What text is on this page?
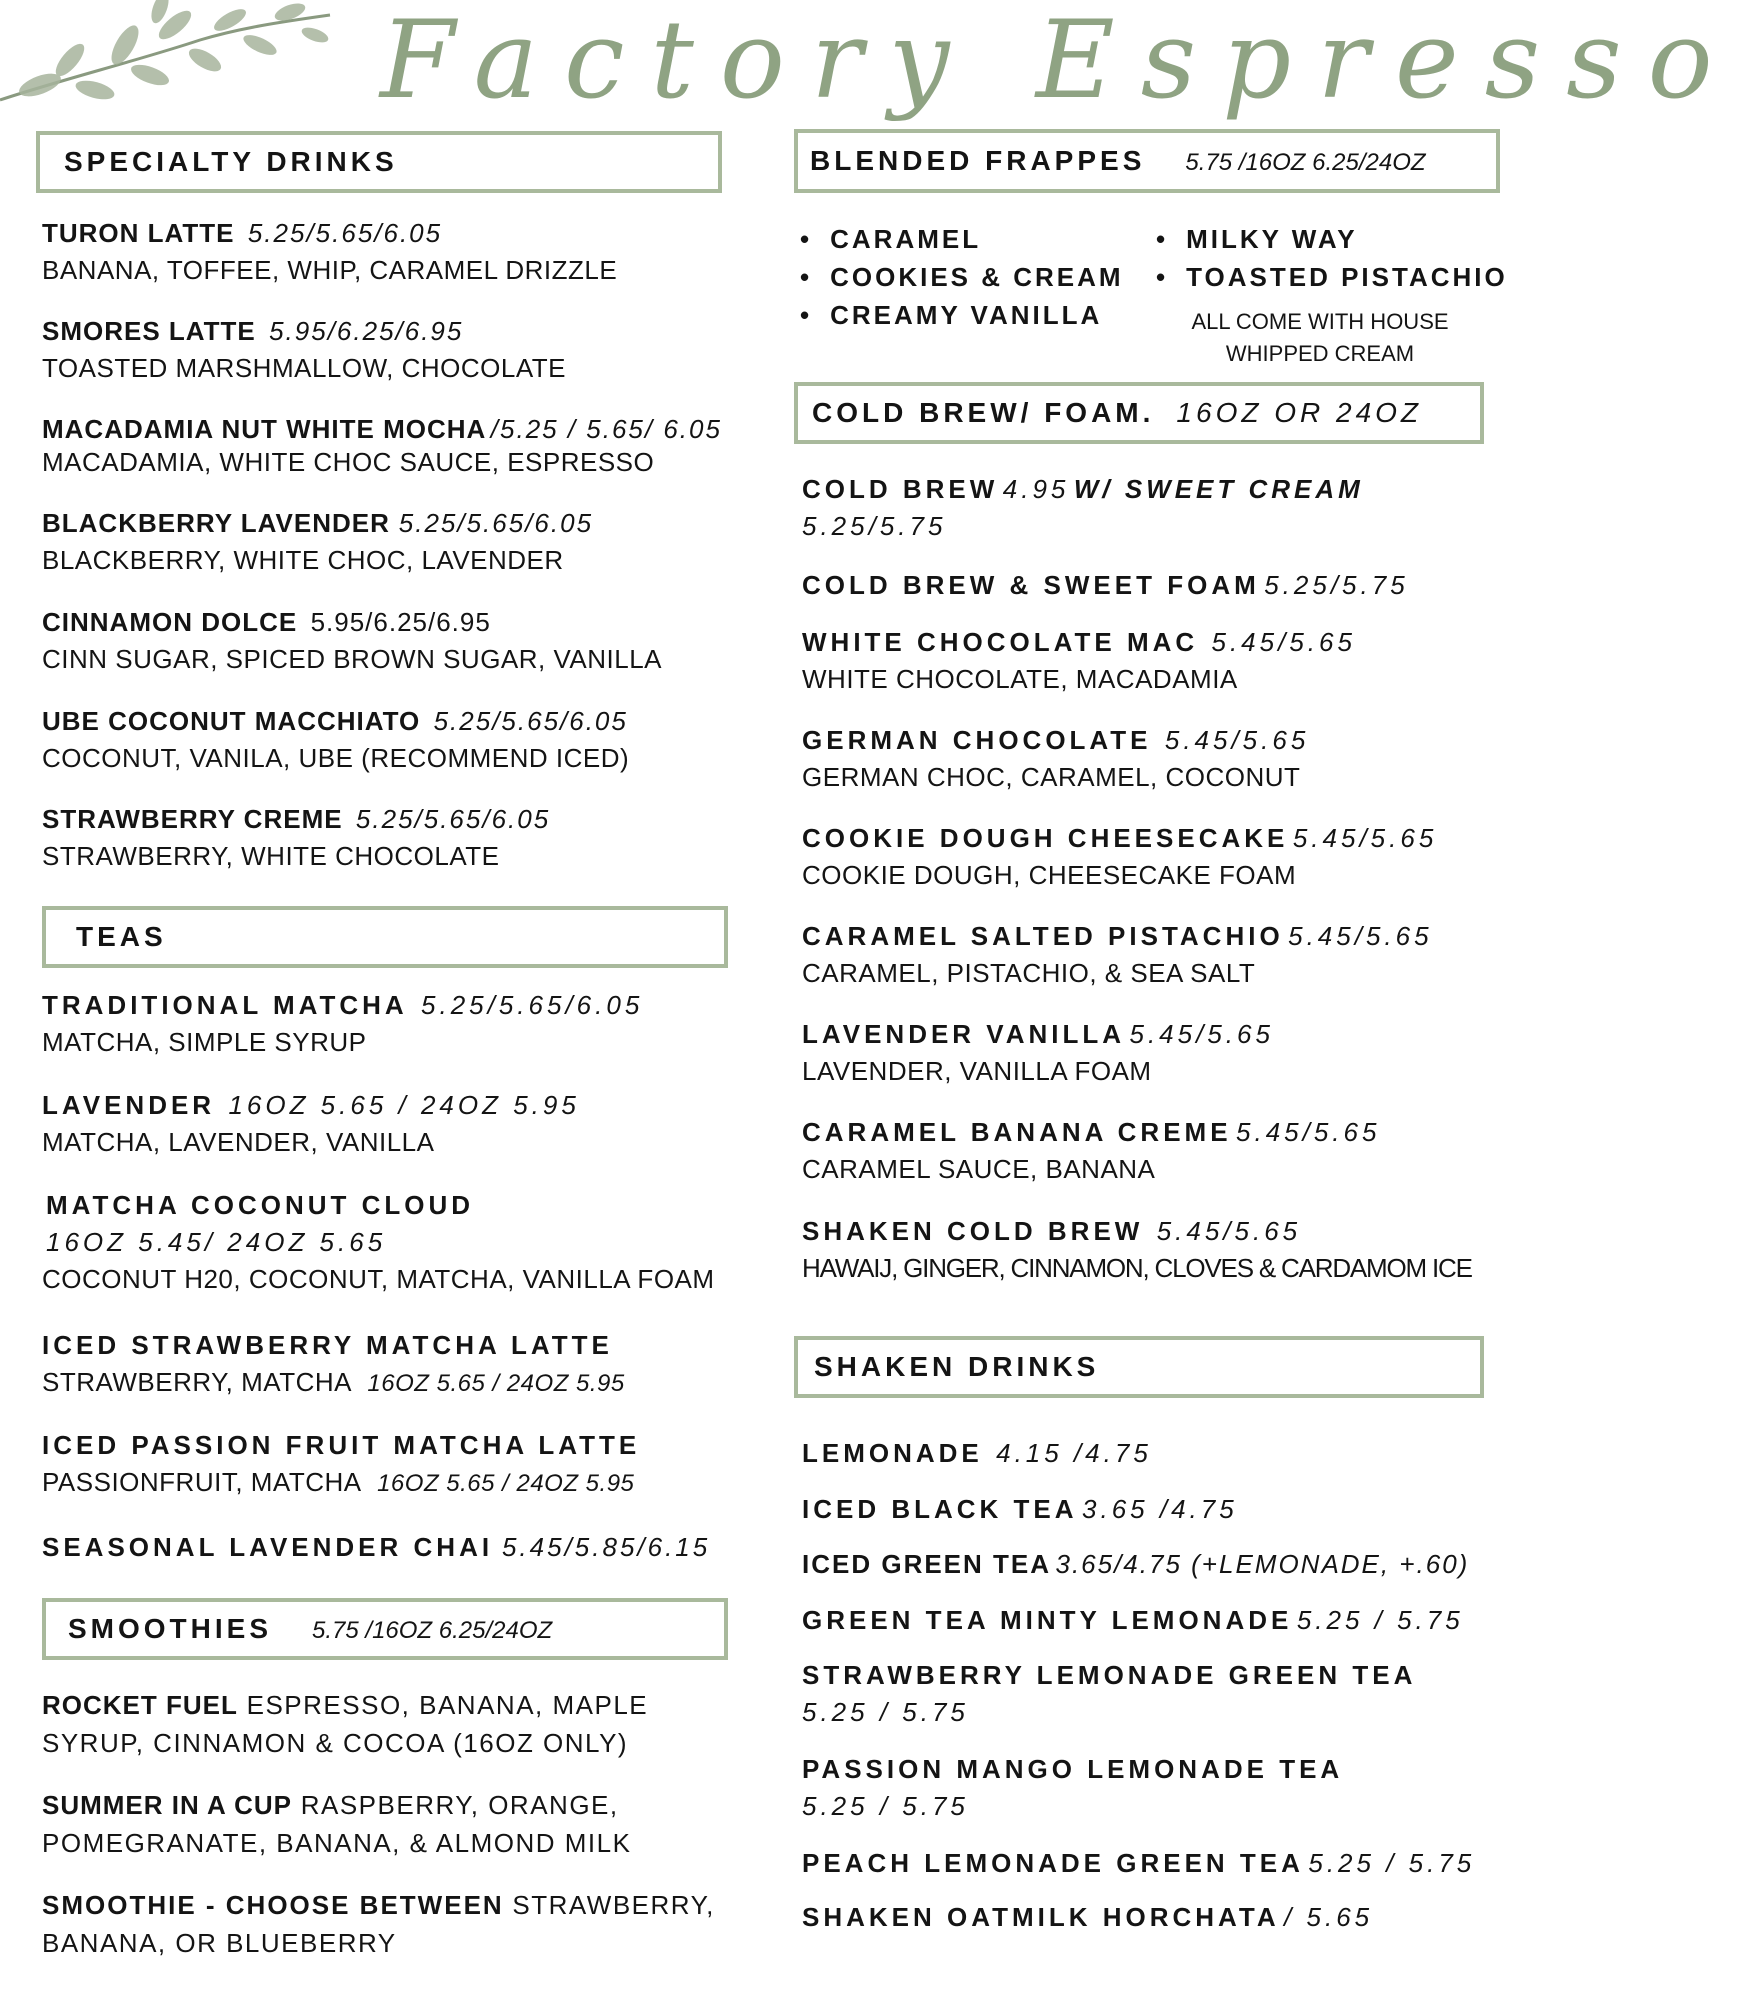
Factory Espresso
SPECIALTY DRINKS
TURON LATTE 5.25/5.65/6.05
BANANA, TOFFEE, WHIP, CARAMEL DRIZZLE
SMORES LATTE 5.95/6.25/6.95
TOASTED MARSHMALLOW, CHOCOLATE
MACADAMIA NUT WHITE MOCHA /5.25 / 5.65/ 6.05
MACADAMIA, WHITE CHOC SAUCE, ESPRESSO
BLACKBERRY LAVENDER 5.25/5.65/6.05
BLACKBERRY, WHITE CHOC, LAVENDER
CINNAMON DOLCE 5.95/6.25/6.95
CINN SUGAR, SPICED BROWN SUGAR, VANILLA
UBE COCONUT MACCHIATO 5.25/5.65/6.05
COCONUT, VANILA, UBE (RECOMMEND ICED)
STRAWBERRY CREME 5.25/5.65/6.05
STRAWBERRY, WHITE CHOCOLATE
TEAS
TRADITIONAL MATCHA 5.25/5.65/6.05
MATCHA, SIMPLE SYRUP
LAVENDER 16OZ 5.65 / 24OZ 5.95
MATCHA, LAVENDER, VANILLA
MATCHA COCONUT CLOUD
16OZ 5.45/ 24OZ 5.65
COCONUT H20, COCONUT, MATCHA, VANILLA FOAM
ICED STRAWBERRY MATCHA LATTE
STRAWBERRY, MATCHA 16OZ 5.65 / 24OZ 5.95
ICED PASSION FRUIT MATCHA LATTE
PASSIONFRUIT, MATCHA 16OZ 5.65 / 24OZ 5.95
SEASONAL LAVENDER CHAI 5.45/5.85/6.15
SMOOTHIES 5.75 /16OZ 6.25/24OZ
ROCKET FUEL ESPRESSO, BANANA, MAPLE
SYRUP, CINNAMON & COCOA (16OZ ONLY)
SUMMER IN A CUP RASPBERRY, ORANGE,
POMEGRANATE, BANANA, & ALMOND MILK
SMOOTHIE - CHOOSE BETWEEN STRAWBERRY,
BANANA, OR BLUEBERRY
BLENDED FRAPPES 5.75 /16OZ 6.25/24OZ
• CARAMEL
• COOKIES & CREAM
• CREAMY VANILLA
• MILKY WAY
• TOASTED PISTACHIO
ALL COME WITH HOUSE
WHIPPED CREAM
COLD BREW/ FOAM. 16OZ OR 24OZ
COLD BREW 4.95 W/ SWEET CREAM
5.25/5.75
COLD BREW & SWEET FOAM 5.25/5.75
WHITE CHOCOLATE MAC 5.45/5.65
WHITE CHOCOLATE, MACADAMIA
GERMAN CHOCOLATE 5.45/5.65
GERMAN CHOC, CARAMEL, COCONUT
COOKIE DOUGH CHEESECAKE 5.45/5.65
COOKIE DOUGH, CHEESECAKE FOAM
CARAMEL SALTED PISTACHIO 5.45/5.65
CARAMEL, PISTACHIO, & SEA SALT
LAVENDER VANILLA 5.45/5.65
LAVENDER, VANILLA FOAM
CARAMEL BANANA CREME 5.45/5.65
CARAMEL SAUCE, BANANA
SHAKEN COLD BREW 5.45/5.65
HAWAIJ, GINGER, CINNAMON, CLOVES & CARDAMOM ICE
SHAKEN DRINKS
LEMONADE 4.15 /4.75
ICED BLACK TEA 3.65 /4.75
ICED GREEN TEA 3.65/4.75 (+LEMONADE, +.60)
GREEN TEA MINTY LEMONADE 5.25 / 5.75
STRAWBERRY LEMONADE GREEN TEA
5.25 / 5.75
PASSION MANGO LEMONADE TEA
5.25 / 5.75
PEACH LEMONADE GREEN TEA 5.25 / 5.75
SHAKEN OATMILK HORCHATA / 5.65
